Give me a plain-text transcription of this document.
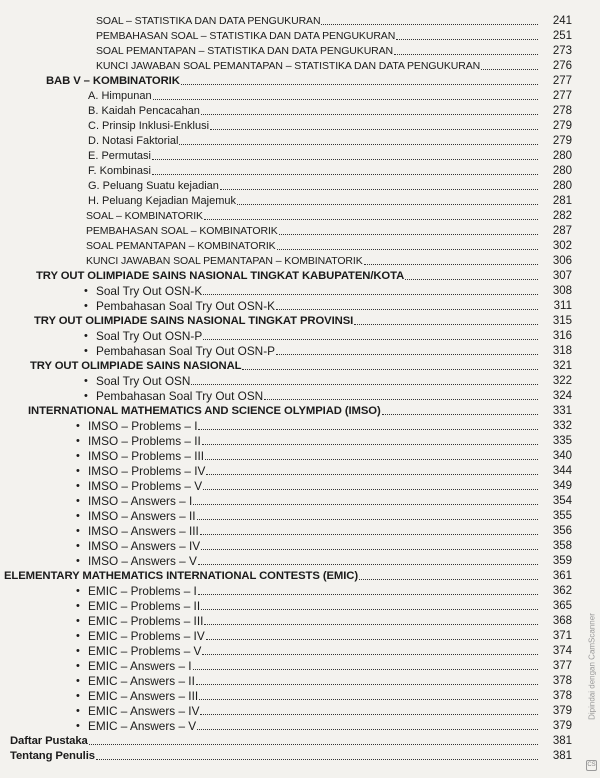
SOAL – STATISTIKA DAN DATA PENGUKURAN	241
PEMBAHASAN SOAL – STATISTIKA DAN DATA PENGUKURAN	251
SOAL PEMANTAPAN – STATISTIKA DAN DATA PENGUKURAN	273
KUNCI JAWABAN SOAL PEMANTAPAN – STATISTIKA DAN DATA PENGUKURAN	276
BAB V – KOMBINATORIK	277
A. Himpunan	277
B. Kaidah Pencacahan	278
C. Prinsip Inklusi-Enklusi	279
D. Notasi Faktorial	279
E. Permutasi	280
F. Kombinasi	280
G. Peluang Suatu kejadian	280
H. Peluang Kejadian Majemuk	281
SOAL – KOMBINATORIK	282
PEMBAHASAN SOAL – KOMBINATORIK	287
SOAL PEMANTAPAN – KOMBINATORIK	302
KUNCI JAWABAN SOAL PEMANTAPAN – KOMBINATORIK	306
TRY OUT OLIMPIADE SAINS NASIONAL TINGKAT KABUPATEN/KOTA	307
• Soal Try Out OSN-K	308
• Pembahasan Soal Try Out OSN-K	311
TRY OUT OLIMPIADE SAINS NASIONAL TINGKAT PROVINSI	315
• Soal Try Out OSN-P	316
• Pembahasan Soal Try Out OSN-P	318
TRY OUT OLIMPIADE SAINS NASIONAL	321
• Soal Try Out OSN	322
• Pembahasan Soal Try Out OSN	324
INTERNATIONAL MATHEMATICS AND SCIENCE OLYMPIAD (IMSO)	331
• IMSO – Problems – I	332
• IMSO – Problems – II	335
• IMSO – Problems – III	340
• IMSO – Problems – IV	344
• IMSO – Problems – V	349
• IMSO – Answers – I	354
• IMSO – Answers – II	355
• IMSO – Answers – III	356
• IMSO – Answers – IV	358
• IMSO – Answers – V	359
ELEMENTARY MATHEMATICS INTERNATIONAL CONTESTS (EMIC)	361
• EMIC – Problems – I	362
• EMIC – Problems – II	365
• EMIC – Problems – III	368
• EMIC – Problems – IV	371
• EMIC – Problems – V	374
• EMIC – Answers – I	377
• EMIC – Answers – II	378
• EMIC – Answers – III	378
• EMIC – Answers – IV	379
• EMIC – Answers – V	379
Daftar Pustaka	381
Tentang Penulis	381
Dipindai dengan CamScanner
CS
